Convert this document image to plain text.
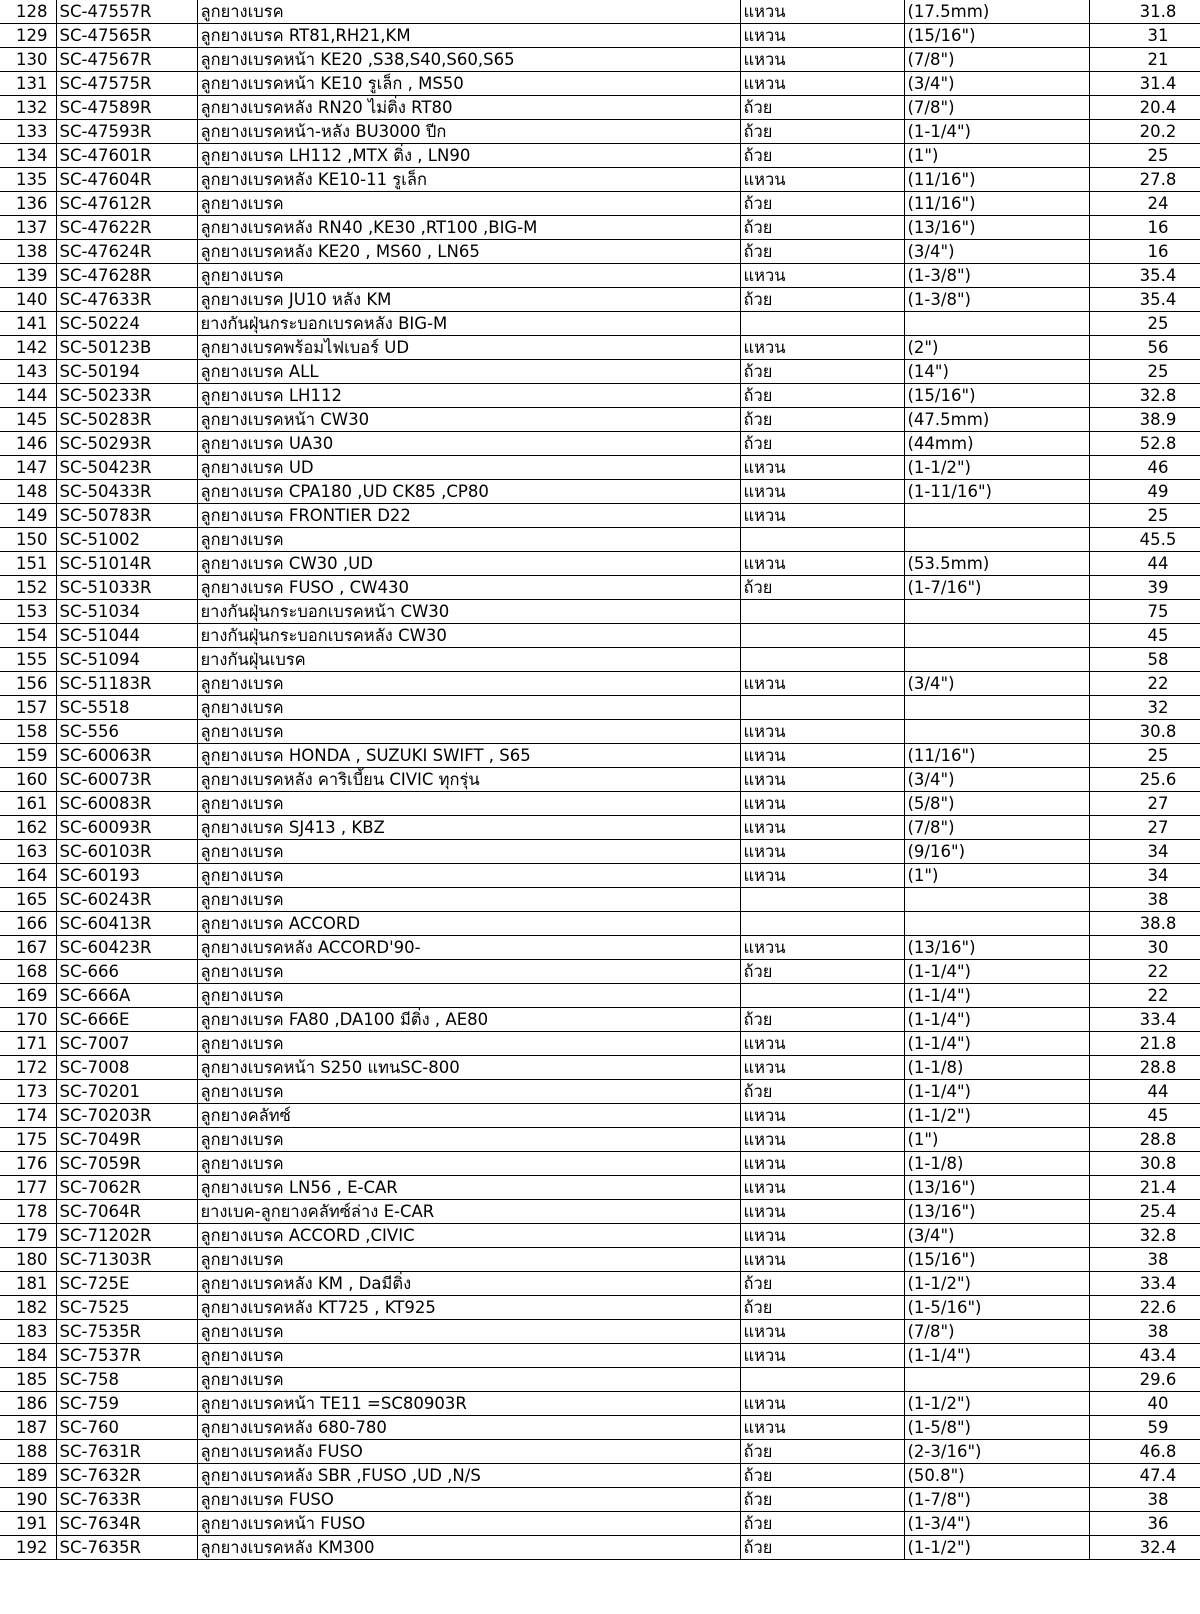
128	SC-47557R	ลูกยางเบรค	แหวน	(17.5mm)	31.8
129	SC-47565R	ลูกยางเบรค RT81,RH21,KM	แหวน	(15/16")	31
130	SC-47567R	ลูกยางเบรคหน้า KE20 ,S38,S40,S60,S65	แหวน	(7/8")	21
131	SC-47575R	ลูกยางเบรคหน้า KE10 รูเล็ก , MS50	แหวน	(3/4")	31.4
132	SC-47589R	ลูกยางเบรคหลัง RN20 ไม่ติ่ง RT80	ถ้วย	(7/8")	20.4
133	SC-47593R	ลูกยางเบรคหน้า-หลัง BU3000 ปีก	ถ้วย	(1-1/4")	20.2
134	SC-47601R	ลูกยางเบรค LH112 ,MTX ติ่ง , LN90	ถ้วย	(1")	25
135	SC-47604R	ลูกยางเบรคหลัง KE10-11 รูเล็ก	แหวน	(11/16")	27.8
136	SC-47612R	ลูกยางเบรค	ถ้วย	(11/16")	24
137	SC-47622R	ลูกยางเบรคหลัง RN40 ,KE30 ,RT100 ,BIG-M	ถ้วย	(13/16")	16
138	SC-47624R	ลูกยางเบรคหลัง KE20 , MS60 , LN65	ถ้วย	(3/4")	16
139	SC-47628R	ลูกยางเบรค	แหวน	(1-3/8")	35.4
140	SC-47633R	ลูกยางเบรค JU10 หลัง KM	ถ้วย	(1-3/8")	35.4
141	SC-50224	ยางกันฝุ่นกระบอกเบรคหลัง BIG-M			25
142	SC-50123B	ลูกยางเบรคพร้อมไฟเบอร์ UD	แหวน	(2")	56
143	SC-50194	ลูกยางเบรค ALL	ถ้วย	(14")	25
144	SC-50233R	ลูกยางเบรค LH112	ถ้วย	(15/16")	32.8
145	SC-50283R	ลูกยางเบรคหน้า CW30	ถ้วย	(47.5mm)	38.9
146	SC-50293R	ลูกยางเบรค UA30	ถ้วย	(44mm)	52.8
147	SC-50423R	ลูกยางเบรค UD	แหวน	(1-1/2")	46
148	SC-50433R	ลูกยางเบรค CPA180 ,UD CK85 ,CP80	แหวน	(1-11/16")	49
149	SC-50783R	ลูกยางเบรค FRONTIER D22	แหวน		25
150	SC-51002	ลูกยางเบรค			45.5
151	SC-51014R	ลูกยางเบรค CW30 ,UD	แหวน	(53.5mm)	44
152	SC-51033R	ลูกยางเบรค FUSO , CW430	ถ้วย	(1-7/16")	39
153	SC-51034	ยางกันฝุ่นกระบอกเบรคหน้า CW30			75
154	SC-51044	ยางกันฝุ่นกระบอกเบรคหลัง CW30			45
155	SC-51094	ยางกันฝุ่นเบรค			58
156	SC-51183R	ลูกยางเบรค	แหวน	(3/4")	22
157	SC-5518	ลูกยางเบรค			32
158	SC-556	ลูกยางเบรค	แหวน		30.8
159	SC-60063R	ลูกยางเบรค HONDA , SUZUKI SWIFT , S65	แหวน	(11/16")	25
160	SC-60073R	ลูกยางเบรคหลัง คาริเบี้ยน CIVIC ทุกรุ่น	แหวน	(3/4")	25.6
161	SC-60083R	ลูกยางเบรค	แหวน	(5/8")	27
162	SC-60093R	ลูกยางเบรค SJ413 , KBZ	แหวน	(7/8")	27
163	SC-60103R	ลูกยางเบรค	แหวน	(9/16")	34
164	SC-60193	ลูกยางเบรค	แหวน	(1")	34
165	SC-60243R	ลูกยางเบรค			38
166	SC-60413R	ลูกยางเบรค ACCORD			38.8
167	SC-60423R	ลูกยางเบรคหลัง ACCORD'90-	แหวน	(13/16")	30
168	SC-666	ลูกยางเบรค	ถ้วย	(1-1/4")	22
169	SC-666A	ลูกยางเบรค		(1-1/4")	22
170	SC-666E	ลูกยางเบรค FA80 ,DA100 มีติ่ง , AE80	ถ้วย	(1-1/4")	33.4
171	SC-7007	ลูกยางเบรค	แหวน	(1-1/4")	21.8
172	SC-7008	ลูกยางเบรคหน้า S250 แทนSC-800	แหวน	(1-1/8)	28.8
173	SC-70201	ลูกยางเบรค	ถ้วย	(1-1/4")	44
174	SC-70203R	ลูกยางคลัทซ์	แหวน	(1-1/2")	45
175	SC-7049R	ลูกยางเบรค	แหวน	(1")	28.8
176	SC-7059R	ลูกยางเบรค	แหวน	(1-1/8)	30.8
177	SC-7062R	ลูกยางเบรค LN56 , E-CAR	แหวน	(13/16")	21.4
178	SC-7064R	ยางเบค-ลูกยางคลัทซ์ล่าง E-CAR	แหวน	(13/16")	25.4
179	SC-71202R	ลูกยางเบรค ACCORD ,CIVIC	แหวน	(3/4")	32.8
180	SC-71303R	ลูกยางเบรค	แหวน	(15/16")	38
181	SC-725E	ลูกยางเบรคหลัง KM , Daมีติ่ง	ถ้วย	(1-1/2")	33.4
182	SC-7525	ลูกยางเบรคหลัง KT725 , KT925	ถ้วย	(1-5/16")	22.6
183	SC-7535R	ลูกยางเบรค	แหวน	(7/8")	38
184	SC-7537R	ลูกยางเบรค	แหวน	(1-1/4")	43.4
185	SC-758	ลูกยางเบรค			29.6
186	SC-759	ลูกยางเบรคหน้า TE11 =SC80903R	แหวน	(1-1/2")	40
187	SC-760	ลูกยางเบรคหลัง 680-780	แหวน	(1-5/8")	59
188	SC-7631R	ลูกยางเบรคหลัง FUSO	ถ้วย	(2-3/16")	46.8
189	SC-7632R	ลูกยางเบรคหลัง SBR ,FUSO ,UD ,N/S	ถ้วย	(50.8")	47.4
190	SC-7633R	ลูกยางเบรค FUSO	ถ้วย	(1-7/8")	38
191	SC-7634R	ลูกยางเบรคหน้า FUSO	ถ้วย	(1-3/4")	36
192	SC-7635R	ลูกยางเบรคหลัง KM300	ถ้วย	(1-1/2")	32.4
